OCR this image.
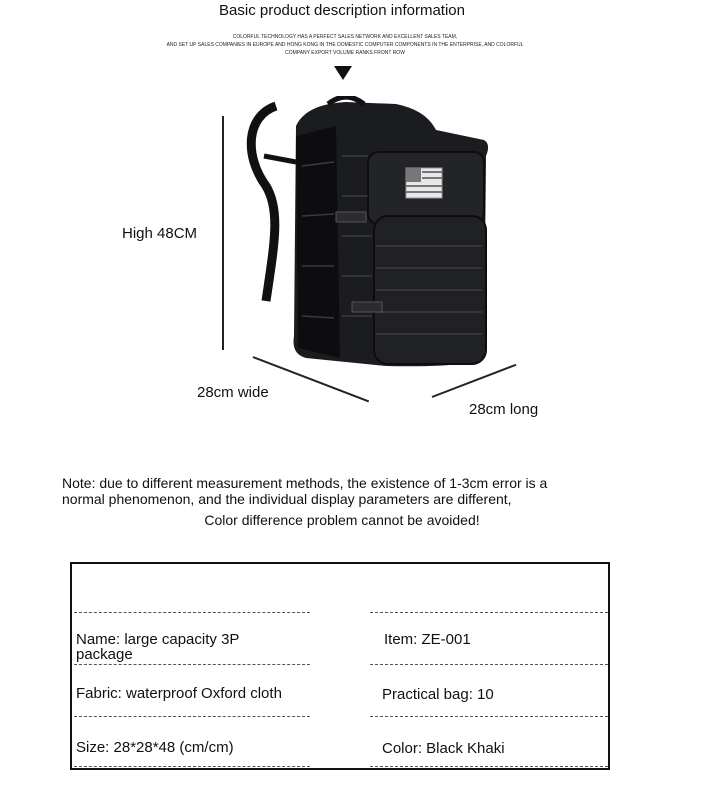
Basic product description information
COLORFUL TECHNOLOGY HAS A PERFECT SALES NETWORK AND EXCELLENT SALES TEAM,
AND SET UP SALES COMPANIES IN EUROPE AND HONG KONG IN THE DOMESTIC COMPUTER COMPONENTS IN THE ENTERPRISE, AND COLORFUL
COMPANY EXPORT VOLUME RANKS FRONT ROW
High 48CM
28cm wide
28cm long
Note: due to different measurement methods, the existence of 1-3cm error is a
normal phenomenon, and the individual display parameters are different,
Color difference problem cannot be avoided!
Name: large capacity 3P package
Item: ZE-001
Fabric: waterproof Oxford cloth	Practical bag: 10
Size: 28*28*48 (cm/cm)	Color: Black Khaki
